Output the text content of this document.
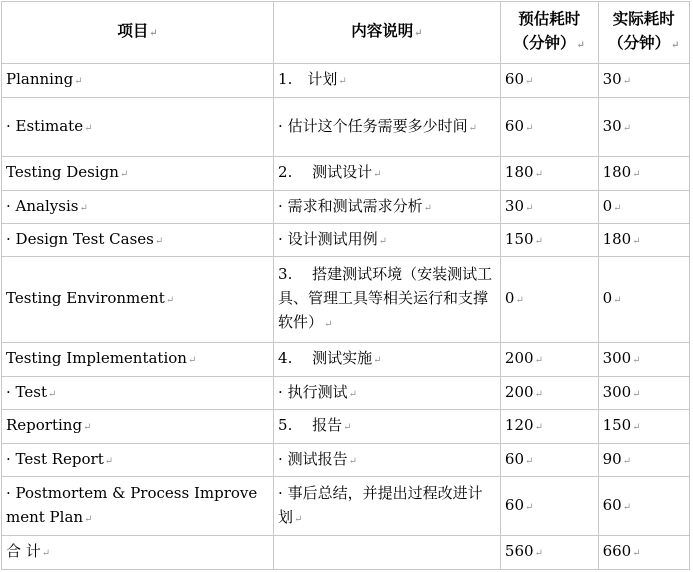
项目↵	内容说明↵	预估耗时（分钟）↵	实际耗时（分钟）↵
Planning↵	1.　计划↵	60↵	30↵
· Estimate↵	· 估计这个任务需要多少时间↵	60↵	30↵
Testing Design↵	2.　 测试设计↵	180↵	180↵
· Analysis↵	· 需求和测试需求分析↵	30↵	0↵
· Design Test Cases↵	· 设计测试用例↵	150↵	180↵
Testing Environment↵	3.　 搭建测试环境（安装测试工具、管理工具等相关运行和支撑软件）↵	0↵	0↵
Testing Implementation↵	4.　 测试实施↵	200↵	300↵
· Test↵	· 执行测试↵	200↵	300↵
Reporting↵	5.　 报告↵	120↵	150↵
· Test Report↵	· 测试报告↵	60↵	90↵
· Postmortem & Process Improvement Plan↵	· 事后总结，并提出过程改进计划↵	60↵	60↵
合 计↵		560↵	660↵
